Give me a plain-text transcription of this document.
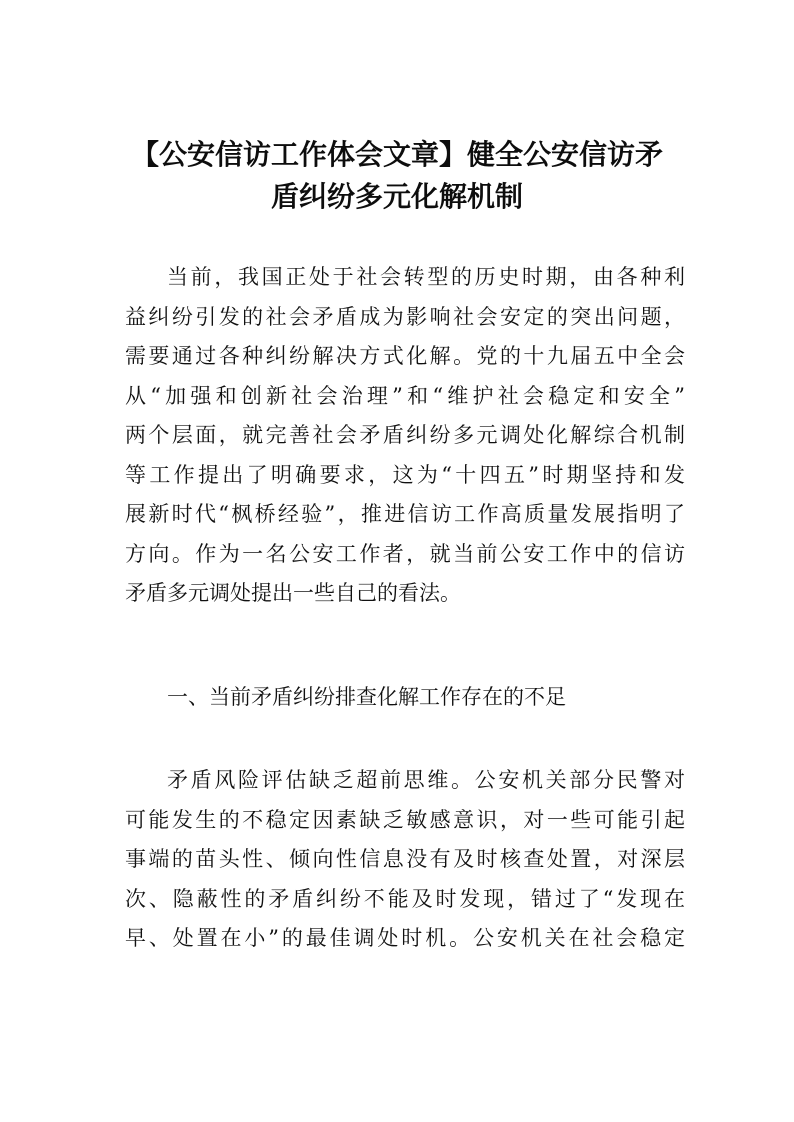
【公安信访工作体会文章】健全公安信访矛
盾纠纷多元化解机制
当前，我国正处于社会转型的历史时期，由各种利
益纠纷引发的社会矛盾成为影响社会安定的突出问题，
需要通过各种纠纷解决方式化解。党的十九届五中全会
从“加强和创新社会治理”和“维护社会稳定和安全”
两个层面，就完善社会矛盾纠纷多元调处化解综合机制
等工作提出了明确要求，这为“十四五”时期坚持和发
展新时代“枫桥经验”，推进信访工作高质量发展指明了
方向。作为一名公安工作者，就当前公安工作中的信访
矛盾多元调处提出一些自己的看法。
一、当前矛盾纠纷排查化解工作存在的不足
矛盾风险评估缺乏超前思维。公安机关部分民警对
可能发生的不稳定因素缺乏敏感意识，对一些可能引起
事端的苗头性、倾向性信息没有及时核查处置，对深层
次、隐蔽性的矛盾纠纷不能及时发现，错过了“发现在
早、处置在小”的最佳调处时机。公安机关在社会稳定
